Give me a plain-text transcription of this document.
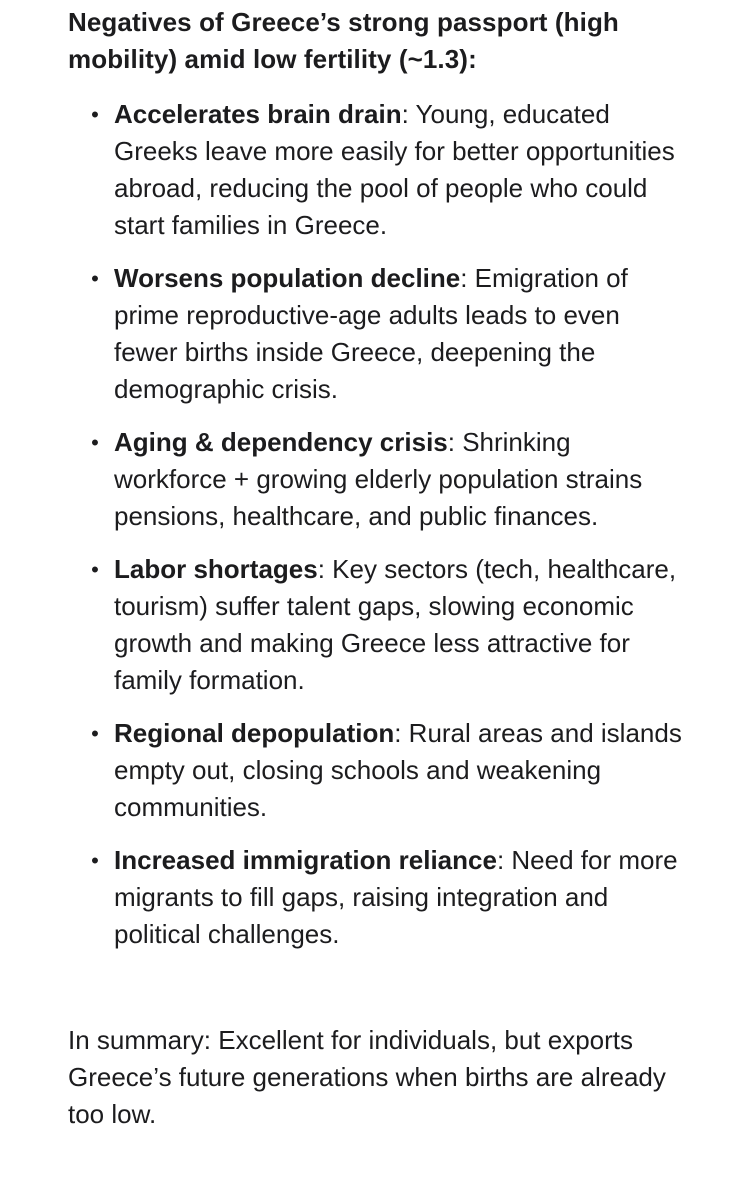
Negatives of Greece’s strong passport (high mobility) amid low fertility (~1.3):

• Accelerates brain drain: Young, educated Greeks leave more easily for better opportunities abroad, reducing the pool of people who could start families in Greece.
• Worsens population decline: Emigration of prime reproductive-age adults leads to even fewer births inside Greece, deepening the demographic crisis.
• Aging & dependency crisis: Shrinking workforce + growing elderly population strains pensions, healthcare, and public finances.
• Labor shortages: Key sectors (tech, healthcare, tourism) suffer talent gaps, slowing economic growth and making Greece less attractive for family formation.
• Regional depopulation: Rural areas and islands empty out, closing schools and weakening communities.
• Increased immigration reliance: Need for more migrants to fill gaps, raising integration and political challenges.

In summary: Excellent for individuals, but exports Greece’s future generations when births are already too low.
